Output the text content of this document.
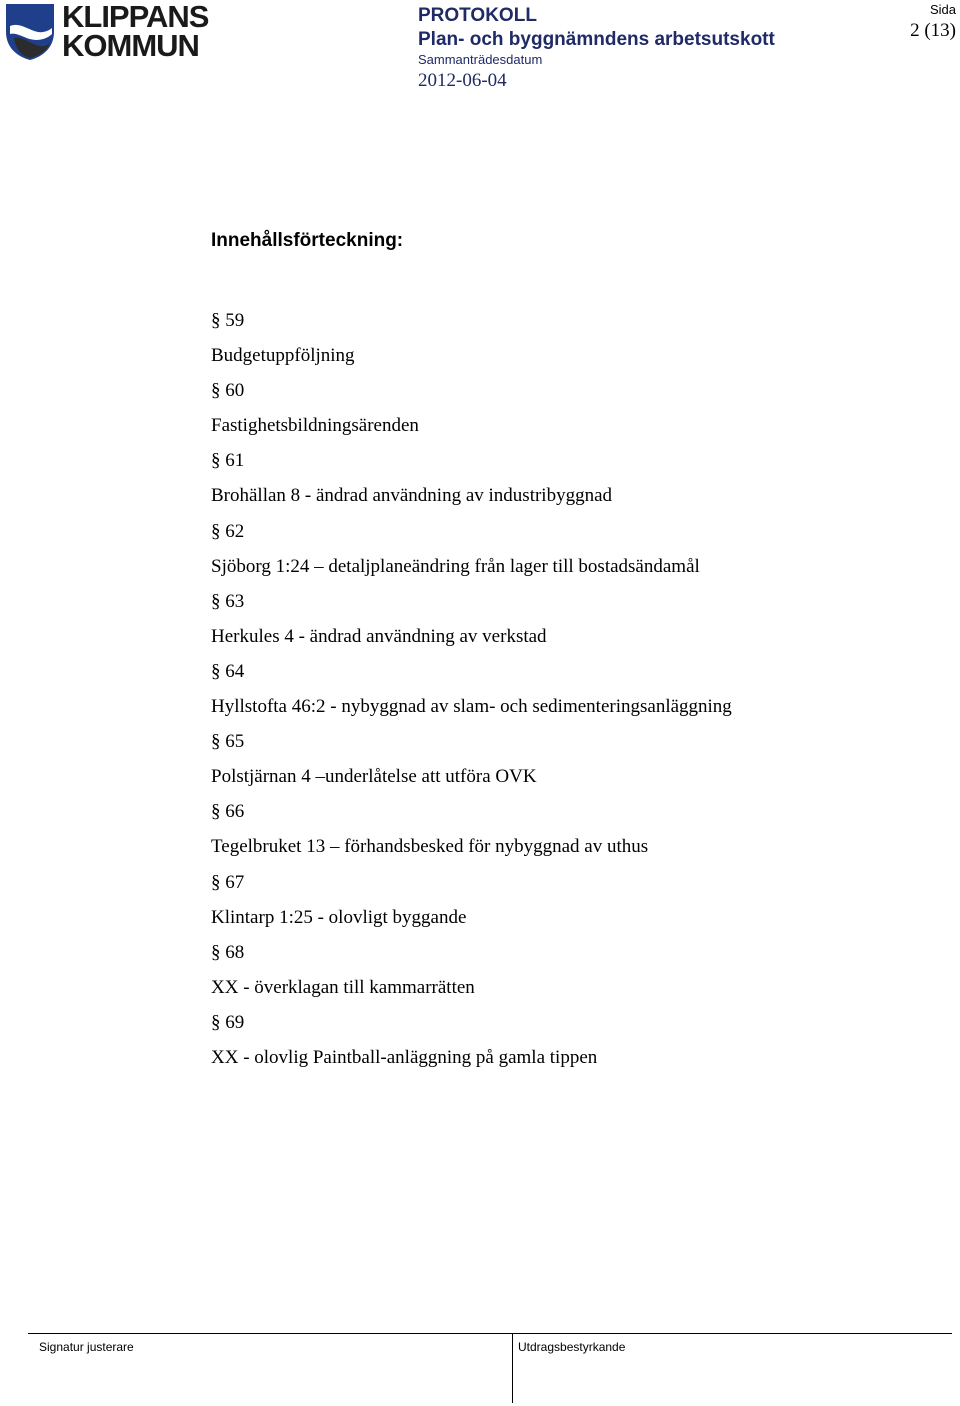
KLIPPANS
KOMMUN
PROTOKOLL
Plan- och byggnämndens arbetsutskott
Sammanträdesdatum
2012-06-04
Sida
2 (13)
Innehållsförteckning:
§ 59
Budgetuppföljning
§ 60
Fastighetsbildningsärenden
§ 61
Brohällan 8 - ändrad användning av industribyggnad
§ 62
Sjöborg 1:24 – detaljplaneändring från lager till bostadsändamål
§ 63
Herkules 4 - ändrad användning av verkstad
§ 64
Hyllstofta 46:2 - nybyggnad av slam- och sedimenteringsanläggning
§ 65
Polstjärnan 4 –underlåtelse att utföra OVK
§ 66
Tegelbruket 13 – förhandsbesked för nybyggnad av uthus
§ 67
Klintarp 1:25 - olovligt byggande
§ 68
XX - överklagan till kammarrätten
§ 69
XX - olovlig Paintball-anläggning på gamla tippen
Signatur justerare	Utdragsbestyrkande
